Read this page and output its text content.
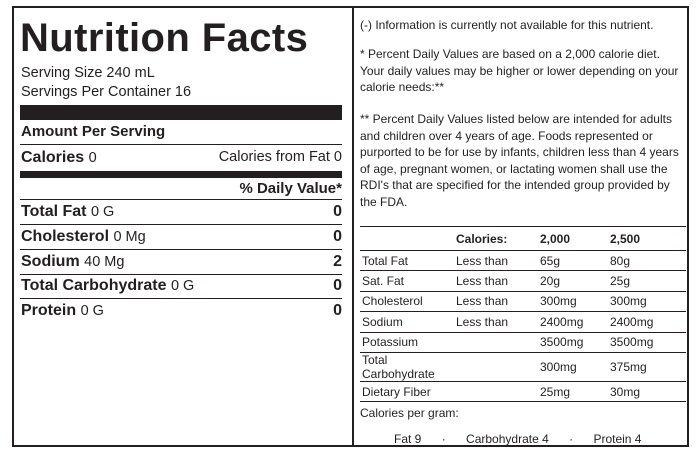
Nutrition Facts
Serving Size 240 mL
Servings Per Container 16
Amount Per Serving
Calories 0	Calories from Fat 0
% Daily Value*
Total Fat 0 G	0
Cholesterol 0 Mg	0
Sodium 40 Mg	2
Total Carbohydrate 0 G	0
Protein 0 G	0
(-) Information is currently not available for this nutrient.
* Percent Daily Values are based on a 2,000 calorie diet. Your daily values may be higher or lower depending on your calorie needs:**
** Percent Daily Values listed below are intended for adults and children over 4 years of age. Foods represented or purported to be for use by infants, children less than 4 years of age, pregnant women, or lactating women shall use the RDI's that are specified for the intended group provided by the FDA.
	Calories:	2,000	2,500
Total Fat	Less than	65g	80g
Sat. Fat	Less than	20g	25g
Cholesterol	Less than	300mg	300mg
Sodium	Less than	2400mg	2400mg
Potassium		3500mg	3500mg
Total Carbohydrate		300mg	375mg
Dietary Fiber		25mg	30mg
Calories per gram:
Fat 9 · Carbohydrate 4 · Protein 4
